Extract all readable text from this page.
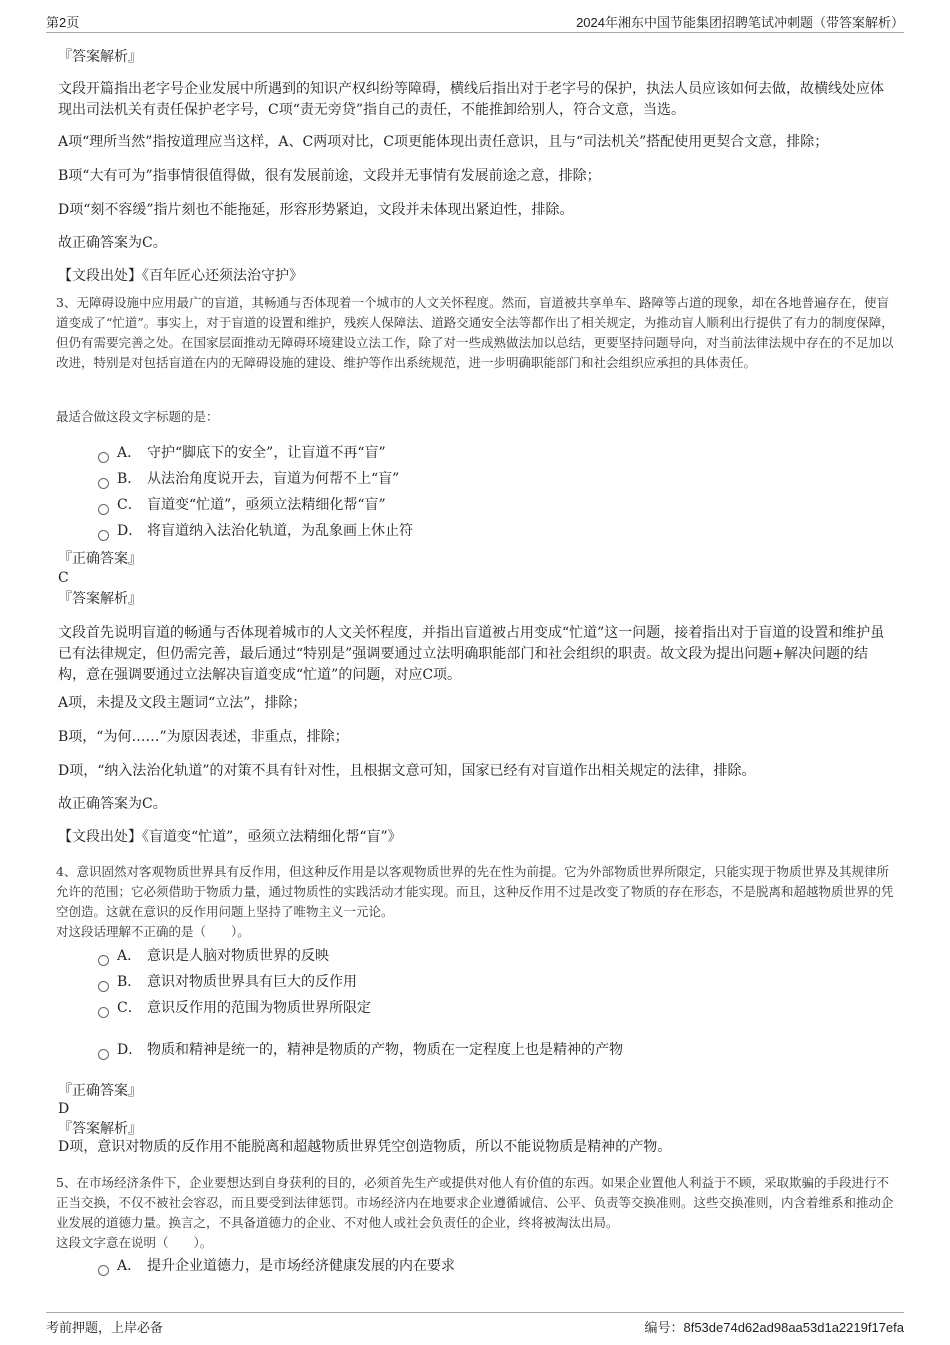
第2页	2024年湘东中国节能集团招聘笔试冲刺题（带答案解析）
『答案解析』
文段开篇指出老字号企业发展中所遇到的知识产权纠纷等障碍，横线后指出对于老字号的保护，执法人员应该如何去做，故横线处应体现出司法机关有责任保护老字号，C项“责无旁贷”指自己的责任，不能推卸给别人，符合文意，当选。
A项“理所当然”指按道理应当这样，A、C两项对比，C项更能体现出责任意识，且与“司法机关”搭配使用更契合文意，排除；
B项“大有可为”指事情很值得做，很有发展前途，文段并无事情有发展前途之意，排除；
D项“刻不容缓”指片刻也不能拖延，形容形势紧迫，文段并未体现出紧迫性，排除。
故正确答案为C。
【文段出处】《百年匠心还须法治守护》
3、无障碍设施中应用最广的盲道，其畅通与否体现着一个城市的人文关怀程度。然而，盲道被共享单车、路障等占道的现象，却在各地普遍存在，使盲道变成了“忙道”。事实上，对于盲道的设置和维护，残疾人保障法、道路交通安全法等都作出了相关规定，为推动盲人顺利出行提供了有力的制度保障，但仍有需要完善之处。在国家层面推动无障碍环境建设立法工作，除了对一些成熟做法加以总结，更要坚持问题导向，对当前法律法规中存在的不足加以改进，特别是对包括盲道在内的无障碍设施的建设、维护等作出系统规范，进一步明确职能部门和社会组织应承担的具体责任。
最适合做这段文字标题的是：
A． 守护“脚底下的安全”，让盲道不再“盲”
B． 从法治角度说开去，盲道为何帮不上“盲”
C． 盲道变“忙道”，亟须立法精细化帮“盲”
D． 将盲道纳入法治化轨道，为乱象画上休止符
『正确答案』
C
『答案解析』
文段首先说明盲道的畅通与否体现着城市的人文关怀程度，并指出盲道被占用变成“忙道”这一问题，接着指出对于盲道的设置和维护虽已有法律规定，但仍需完善，最后通过“特别是”强调要通过立法明确职能部门和社会组织的职责。故文段为提出问题+解决问题的结构，意在强调要通过立法解决盲道变成“忙道”的问题，对应C项。
A项，未提及文段主题词“立法”，排除；
B项，“为何……”为原因表述，非重点，排除；
D项，“纳入法治化轨道”的对策不具有针对性，且根据文意可知，国家已经有对盲道作出相关规定的法律，排除。
故正确答案为C。
【文段出处】《盲道变“忙道”，亟须立法精细化帮“盲”》
4、意识固然对客观物质世界具有反作用，但这种反作用是以客观物质世界的先在性为前提。它为外部物质世界所限定，只能实现于物质世界及其规律所允许的范围；它必须借助于物质力量，通过物质性的实践活动才能实现。而且，这种反作用不过是改变了物质的存在形态，不是脱离和超越物质世界的凭空创造。这就在意识的反作用问题上坚持了唯物主义一元论。
对这段话理解不正确的是（　　）。
A． 意识是人脑对物质世界的反映
B． 意识对物质世界具有巨大的反作用
C． 意识反作用的范围为物质世界所限定
D． 物质和精神是统一的，精神是物质的产物，物质在一定程度上也是精神的产物
『正确答案』
D
『答案解析』
D项，意识对物质的反作用不能脱离和超越物质世界凭空创造物质，所以不能说物质是精神的产物。
5、在市场经济条件下，企业要想达到自身获利的目的，必须首先生产或提供对他人有价值的东西。如果企业置他人利益于不顾，采取欺骗的手段进行不正当交换，不仅不被社会容忍，而且要受到法律惩罚。市场经济内在地要求企业遵循诚信、公平、负责等交换准则。这些交换准则，内含着维系和推动企业发展的道德力量。换言之，不具备道德力的企业、不对他人或社会负责任的企业，终将被淘汰出局。
这段文字意在说明（　　）。
A． 提升企业道德力，是市场经济健康发展的内在要求
考前押题，上岸必备	编号：8f53de74d62ad98aa53d1a2219f17efa
